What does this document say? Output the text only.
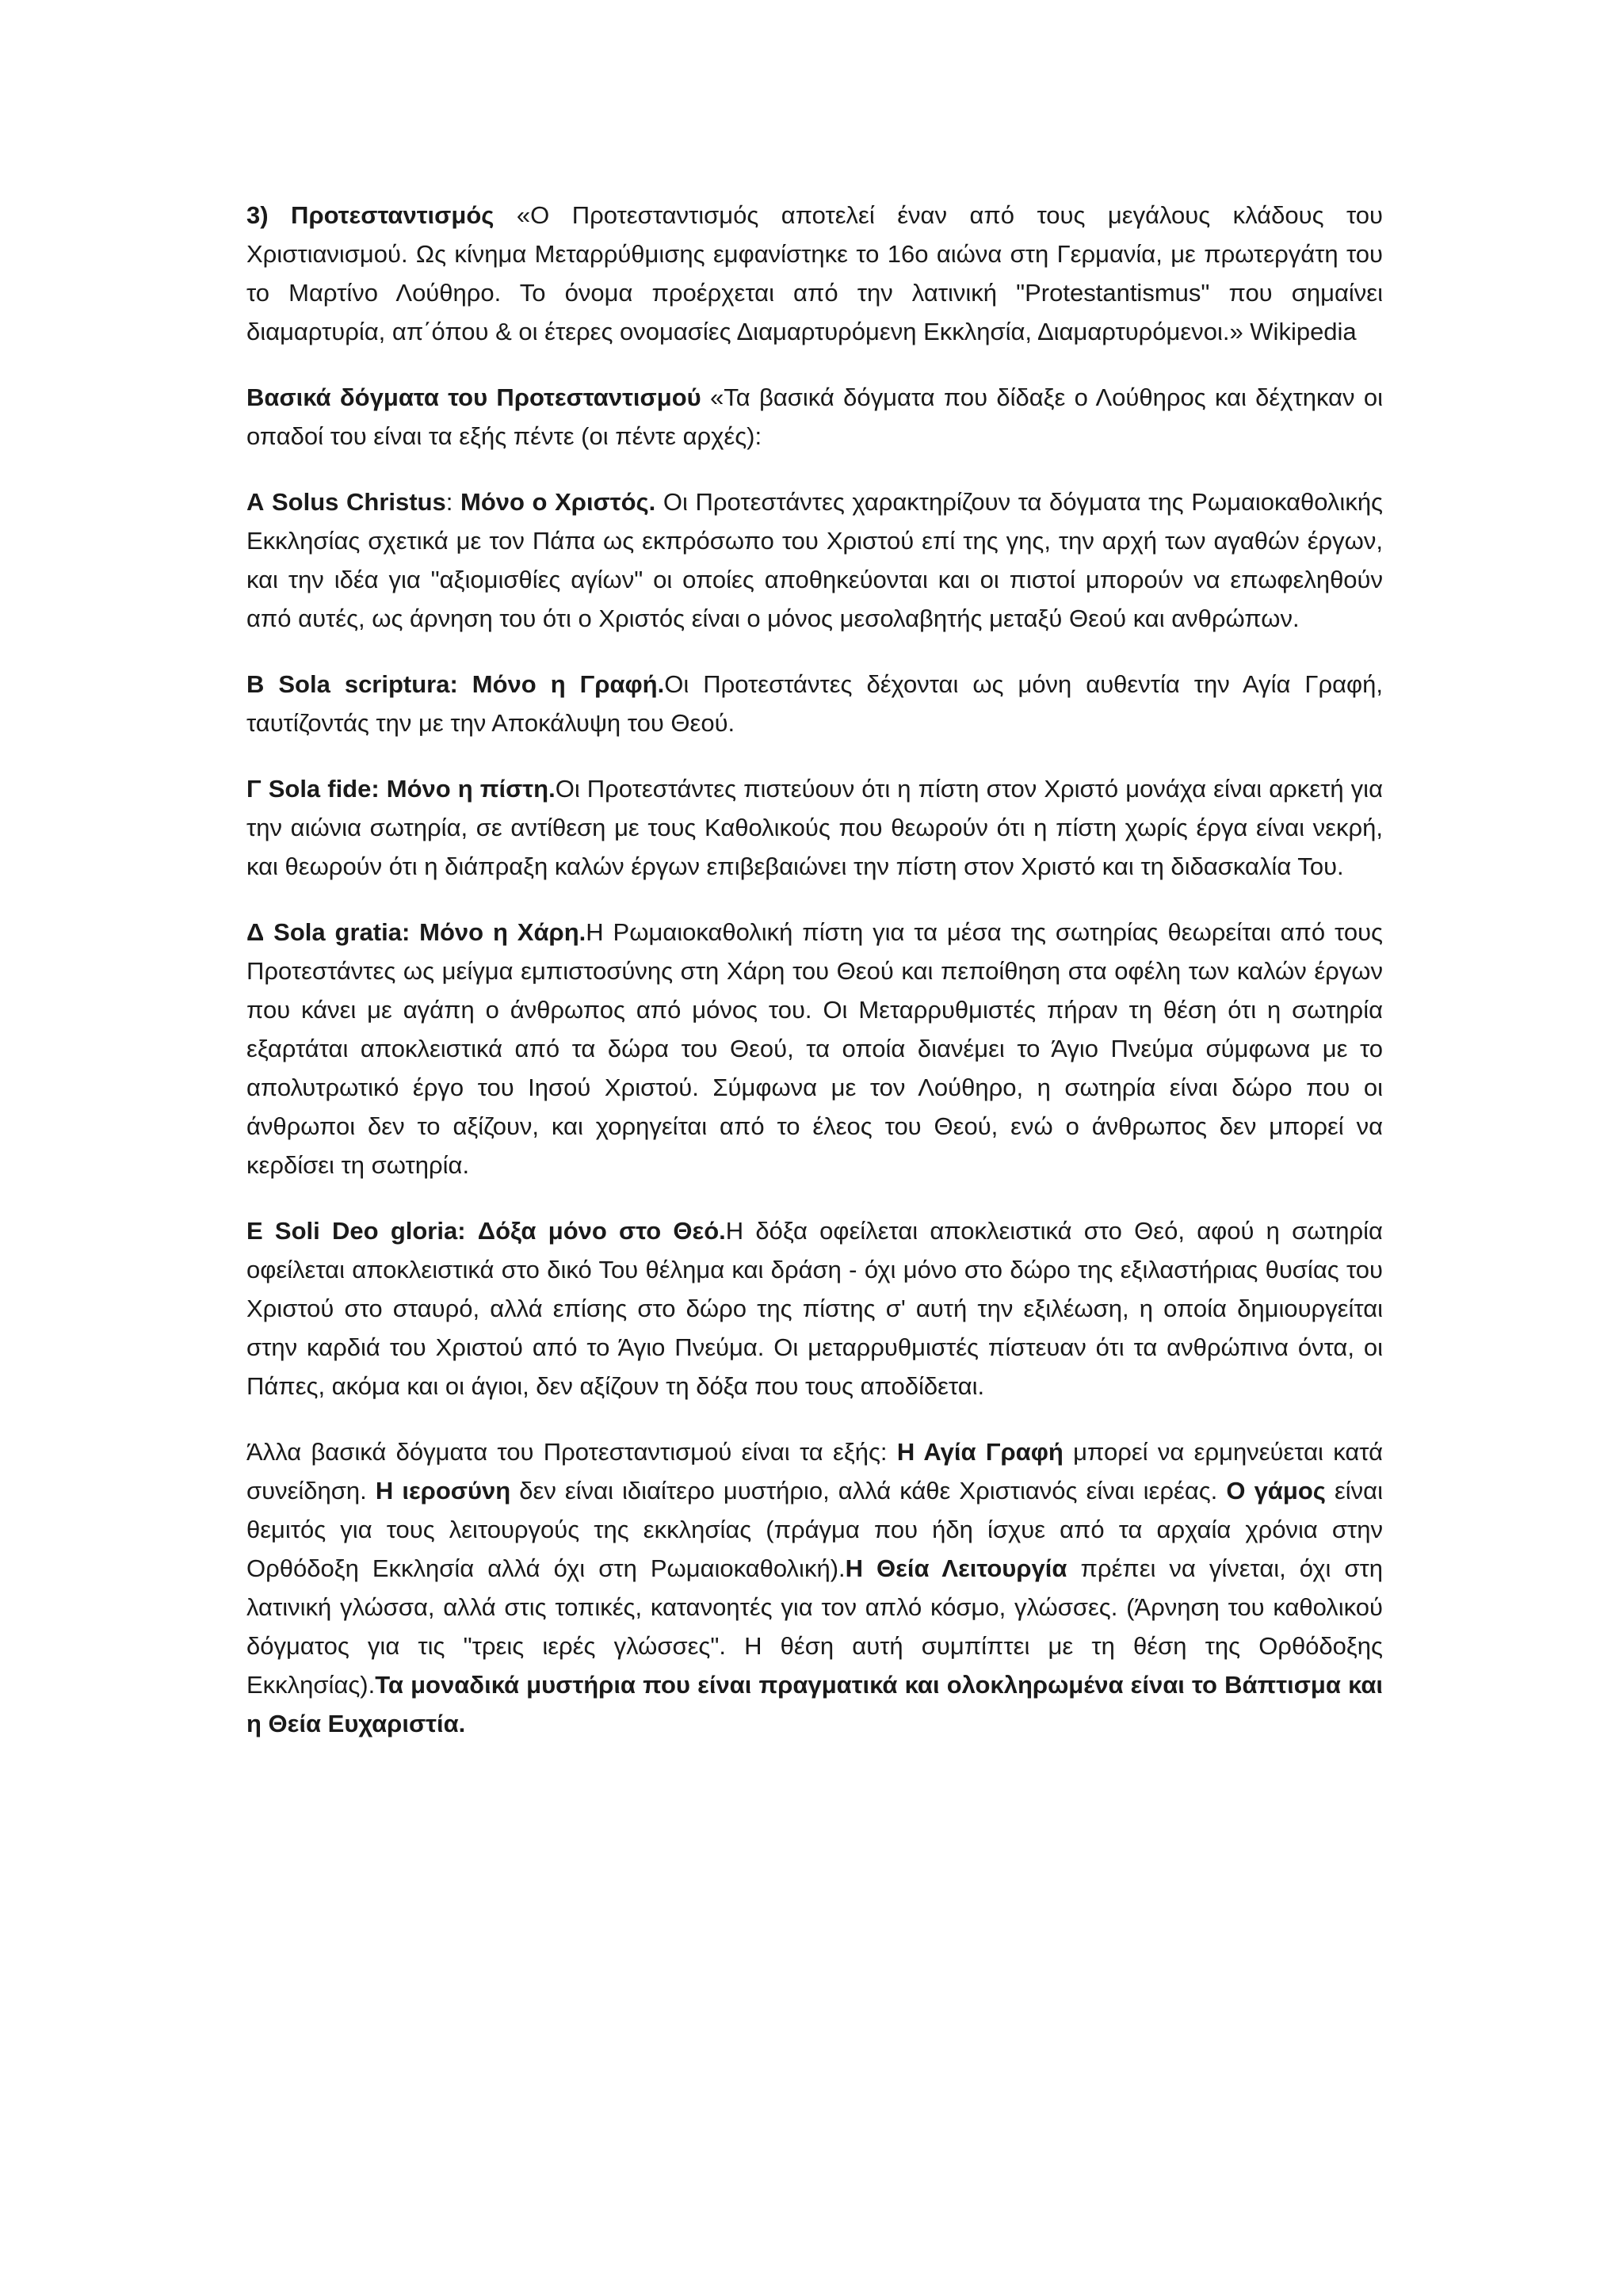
3) Προτεσταντισμός «Ο Προτεσταντισμός αποτελεί έναν από τους μεγάλους κλάδους του Χριστιανισμού. Ως κίνημα Μεταρρύθμισης εμφανίστηκε το 16ο αιώνα στη Γερμανία, με πρωτεργάτη του το Μαρτίνο Λούθηρο. Το όνομα προέρχεται από την λατινική "Protestantismus" που σημαίνει διαμαρτυρία, απ΄όπου & οι έτερες ονομασίες Διαμαρτυρόμενη Εκκλησία, Διαμαρτυρόμενοι.» Wikipedia

Βασικά δόγματα του Προτεσταντισμού «Τα βασικά δόγματα που δίδαξε ο Λούθηρος και δέχτηκαν οι οπαδοί του είναι τα εξής πέντε (οι πέντε αρχές):

Α Solus Christus: Μόνο ο Χριστός. Οι Προτεστάντες χαρακτηρίζουν τα δόγματα της Ρωμαιοκαθολικής Εκκλησίας σχετικά με τον Πάπα ως εκπρόσωπο του Χριστού επί της γης, την αρχή των αγαθών έργων, και την ιδέα για "αξιομισθίες αγίων" οι οποίες αποθηκεύονται και οι πιστοί μπορούν να επωφεληθούν από αυτές, ως άρνηση του ότι ο Χριστός είναι ο μόνος μεσολαβητής μεταξύ Θεού και ανθρώπων.

Β Sola scriptura: Μόνο η Γραφή.Οι Προτεστάντες δέχονται ως μόνη αυθεντία την Αγία Γραφή, ταυτίζοντάς την με την Αποκάλυψη του Θεού.

Γ Sola fide: Μόνο η πίστη.Οι Προτεστάντες πιστεύουν ότι η πίστη στον Χριστό μονάχα είναι αρκετή για την αιώνια σωτηρία, σε αντίθεση με τους Καθολικούς που θεωρούν ότι η πίστη χωρίς έργα είναι νεκρή, και θεωρούν ότι η διάπραξη καλών έργων επιβεβαιώνει την πίστη στον Χριστό και τη διδασκαλία Του.

Δ Sola gratia: Μόνο η Χάρη.Η Ρωμαιοκαθολική πίστη για τα μέσα της σωτηρίας θεωρείται από τους Προτεστάντες ως μείγμα εμπιστοσύνης στη Χάρη του Θεού και πεποίθηση στα οφέλη των καλών έργων που κάνει με αγάπη ο άνθρωπος από μόνος του. Οι Μεταρρυθμιστές πήραν τη θέση ότι η σωτηρία εξαρτάται αποκλειστικά από τα δώρα του Θεού, τα οποία διανέμει το Άγιο Πνεύμα σύμφωνα με το απολυτρωτικό έργο του Ιησού Χριστού. Σύμφωνα με τον Λούθηρο, η σωτηρία είναι δώρο που οι άνθρωποι δεν το αξίζουν, και χορηγείται από το έλεος του Θεού, ενώ ο άνθρωπος δεν μπορεί να κερδίσει τη σωτηρία.

Ε Soli Deo gloria: Δόξα μόνο στο Θεό.Η δόξα οφείλεται αποκλειστικά στο Θεό, αφού η σωτηρία οφείλεται αποκλειστικά στο δικό Του θέλημα και δράση - όχι μόνο στο δώρο της εξιλαστήριας θυσίας του Χριστού στο σταυρό, αλλά επίσης στο δώρο της πίστης σ' αυτή την εξιλέωση, η οποία δημιουργείται στην καρδιά του Χριστού από το Άγιο Πνεύμα. Οι μεταρρυθμιστές πίστευαν ότι τα ανθρώπινα όντα, οι Πάπες, ακόμα και οι άγιοι, δεν αξίζουν τη δόξα που τους αποδίδεται.

Άλλα βασικά δόγματα του Προτεσταντισμού είναι τα εξής: Η Αγία Γραφή μπορεί να ερμηνεύεται κατά συνείδηση. Η ιεροσύνη δεν είναι ιδιαίτερο μυστήριο, αλλά κάθε Χριστιανός είναι ιερέας. Ο γάμος είναι θεμιτός για τους λειτουργούς της εκκλησίας (πράγμα που ήδη ίσχυε από τα αρχαία χρόνια στην Ορθόδοξη Εκκλησία αλλά όχι στη Ρωμαιοκαθολική).Η Θεία Λειτουργία πρέπει να γίνεται, όχι στη λατινική γλώσσα, αλλά στις τοπικές, κατανοητές για τον απλό κόσμο, γλώσσες. (Άρνηση του καθολικού δόγματος για τις "τρεις ιερές γλώσσες". Η θέση αυτή συμπίπτει με τη θέση της Ορθόδοξης Εκκλησίας).Τα μοναδικά μυστήρια που είναι πραγματικά και ολοκληρωμένα είναι το Βάπτισμα και η Θεία Ευχαριστία.
